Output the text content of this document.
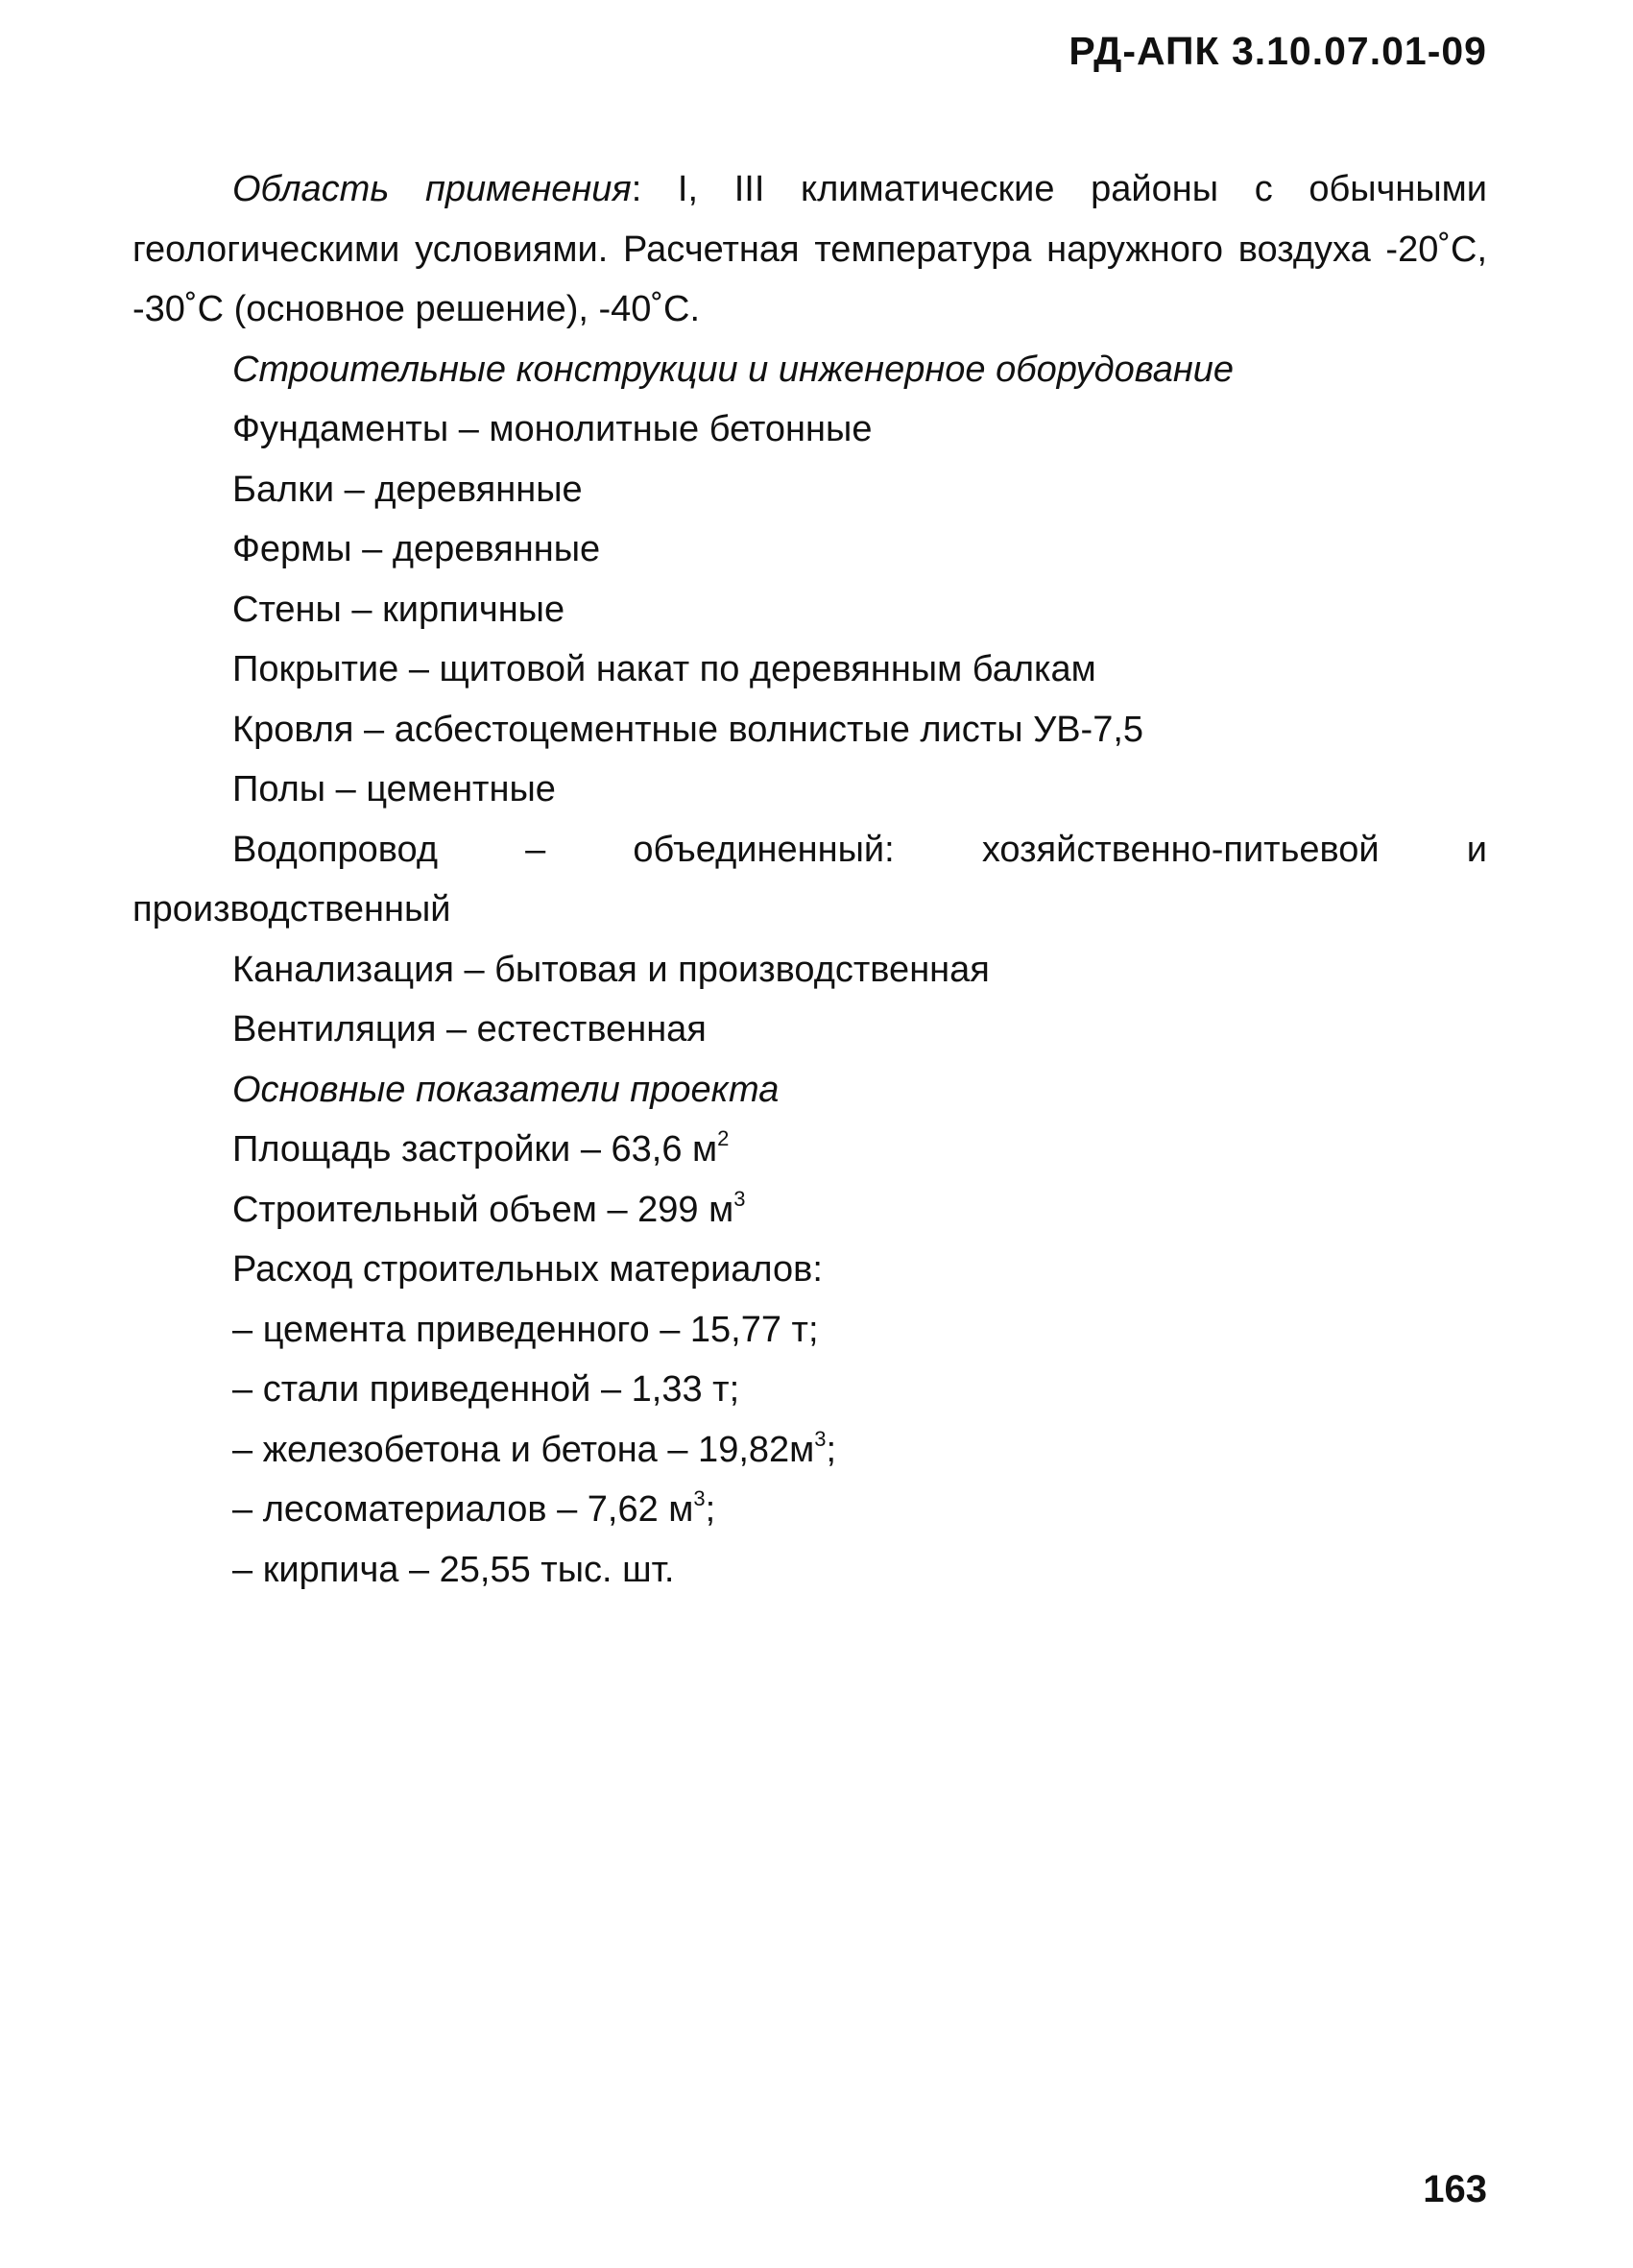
РД-АПК 3.10.07.01-09

Область применения: I, III климатические районы с обычными геологическими условиями. Расчетная температура наружного воздуха -20˚С, -30˚С (основное решение), -40˚С.

Строительные конструкции и инженерное оборудование

Фундаменты – монолитные бетонные

Балки – деревянные

Фермы – деревянные

Стены – кирпичные

Покрытие – щитовой накат по деревянным балкам

Кровля – асбестоцементные волнистые листы УВ-7,5

Полы – цементные

Водопровод – объединенный: хозяйственно-питьевой и производственный

Канализация – бытовая и производственная

Вентиляция – естественная

Основные показатели проекта

Площадь застройки – 63,6 $м^2$

Строительный объем – 299 $м^3$

Расход строительных материалов:

– цемента приведенного – 15,77 т;

– стали приведенной – 1,33 т;

– железобетона и бетона – $19,82м^3$;

– лесоматериалов – 7,62 $м^3$;

– кирпича – 25,55 тыс. шт.

163
